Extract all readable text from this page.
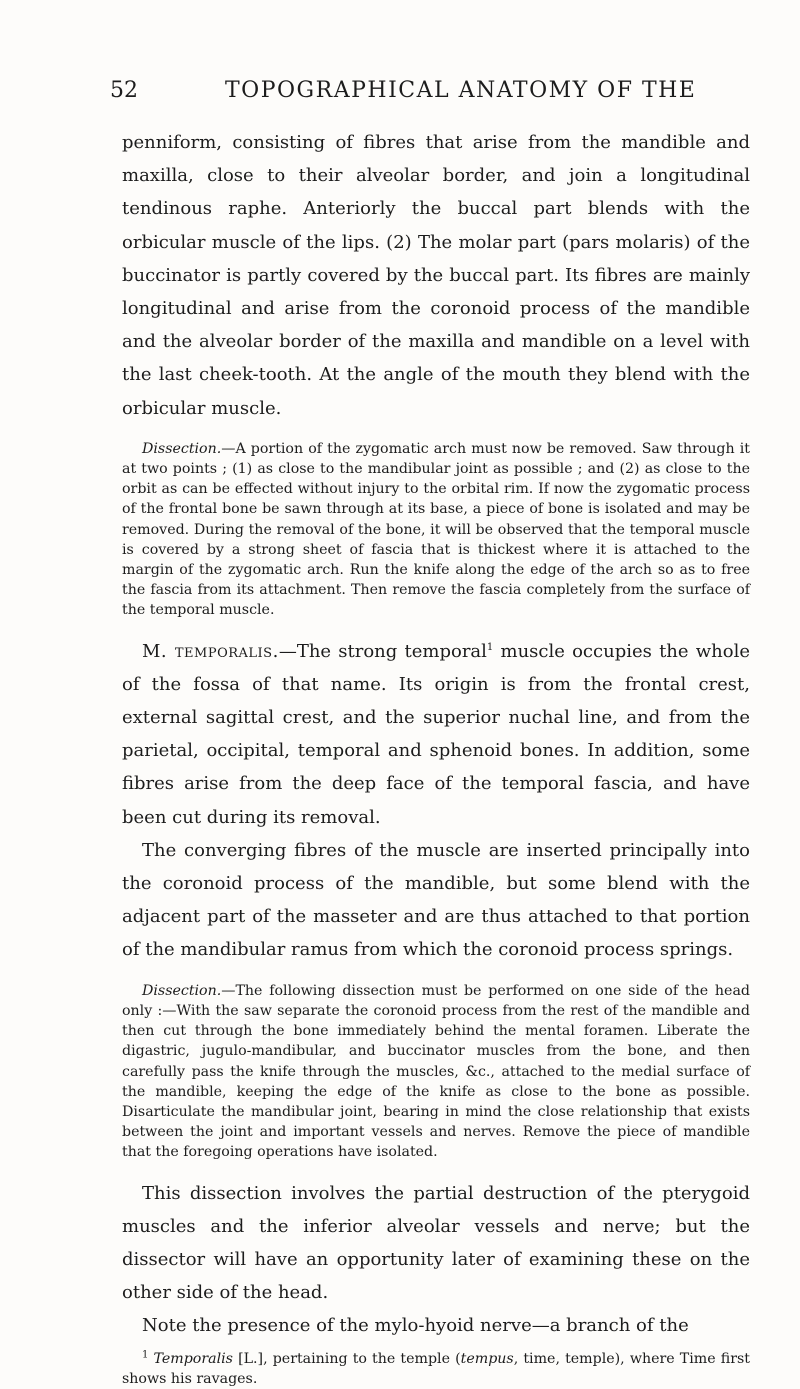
52	TOPOGRAPHICAL ANATOMY OF THE

penniform, consisting of fibres that arise from the mandible and maxilla, close to their alveolar border, and join a longitudinal tendinous raphe. Anteriorly the buccal part blends with the orbicular muscle of the lips. (2) The molar part (pars molaris) of the buccinator is partly covered by the buccal part. Its fibres are mainly longitudinal and arise from the coronoid process of the mandible and the alveolar border of the maxilla and mandible on a level with the last cheek-tooth. At the angle of the mouth they blend with the orbicular muscle.

Dissection.—A portion of the zygomatic arch must now be removed. Saw through it at two points ; (1) as close to the mandibular joint as possible ; and (2) as close to the orbit as can be effected without injury to the orbital rim. If now the zygomatic process of the frontal bone be sawn through at its base, a piece of bone is isolated and may be removed. During the removal of the bone, it will be observed that the temporal muscle is covered by a strong sheet of fascia that is thickest where it is attached to the margin of the zygomatic arch. Run the knife along the edge of the arch so as to free the fascia from its attachment. Then remove the fascia completely from the surface of the temporal muscle.

M. temporalis.—The strong temporal$^1$ muscle occupies the whole of the fossa of that name. Its origin is from the frontal crest, external sagittal crest, and the superior nuchal line, and from the parietal, occipital, temporal and sphenoid bones. In addition, some fibres arise from the deep face of the temporal fascia, and have been cut during its removal.

The converging fibres of the muscle are inserted principally into the coronoid process of the mandible, but some blend with the adjacent part of the masseter and are thus attached to that portion of the mandibular ramus from which the coronoid process springs.

Dissection.—The following dissection must be performed on one side of the head only :—With the saw separate the coronoid process from the rest of the mandible and then cut through the bone immediately behind the mental foramen. Liberate the digastric, jugulo-mandibular, and buccinator muscles from the bone, and then carefully pass the knife through the muscles, &c., attached to the medial surface of the mandible, keeping the edge of the knife as close to the bone as possible. Disarticulate the mandibular joint, bearing in mind the close relationship that exists between the joint and important vessels and nerves. Remove the piece of mandible that the foregoing operations have isolated.

This dissection involves the partial destruction of the pterygoid muscles and the inferior alveolar vessels and nerve; but the dissector will have an opportunity later of examining these on the other side of the head.

Note the presence of the mylo-hyoid nerve—a branch of the

$^1$ Temporalis [L.], pertaining to the temple (tempus, time, temple), where Time first shows his ravages.
